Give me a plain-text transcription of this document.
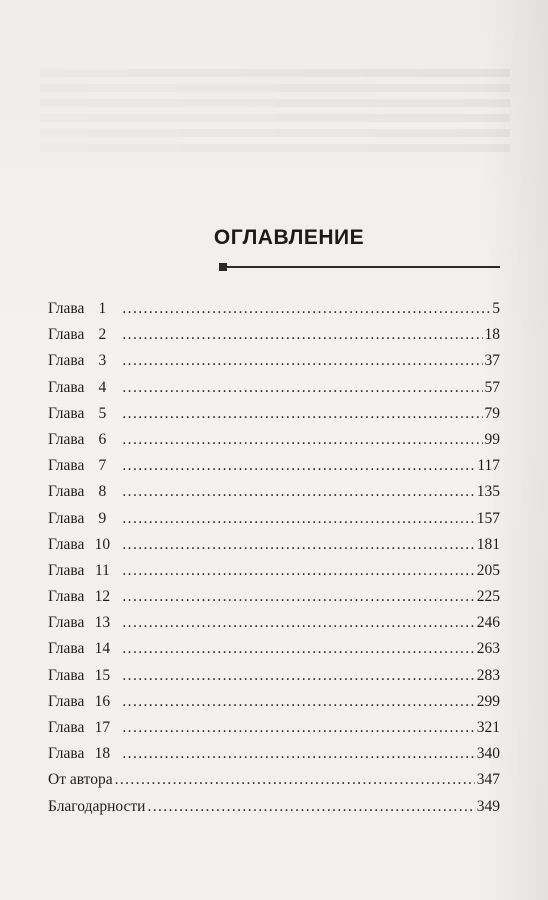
ОГЛАВЛЕНИЕ
Глава 1 .....	5
Глава 2 .....	18
Глава 3 .....	37
Глава 4 .....	57
Глава 5 .....	79
Глава 6 .....	99
Глава 7 .....	117
Глава 8 .....	135
Глава 9 .....	157
Глава 10 .....	181
Глава 11 .....	205
Глава 12 .....	225
Глава 13 .....	246
Глава 14 .....	263
Глава 15 .....	283
Глава 16 .....	299
Глава 17 .....	321
Глава 18 .....	340
От автора .....	347
Благодарности .....	349
